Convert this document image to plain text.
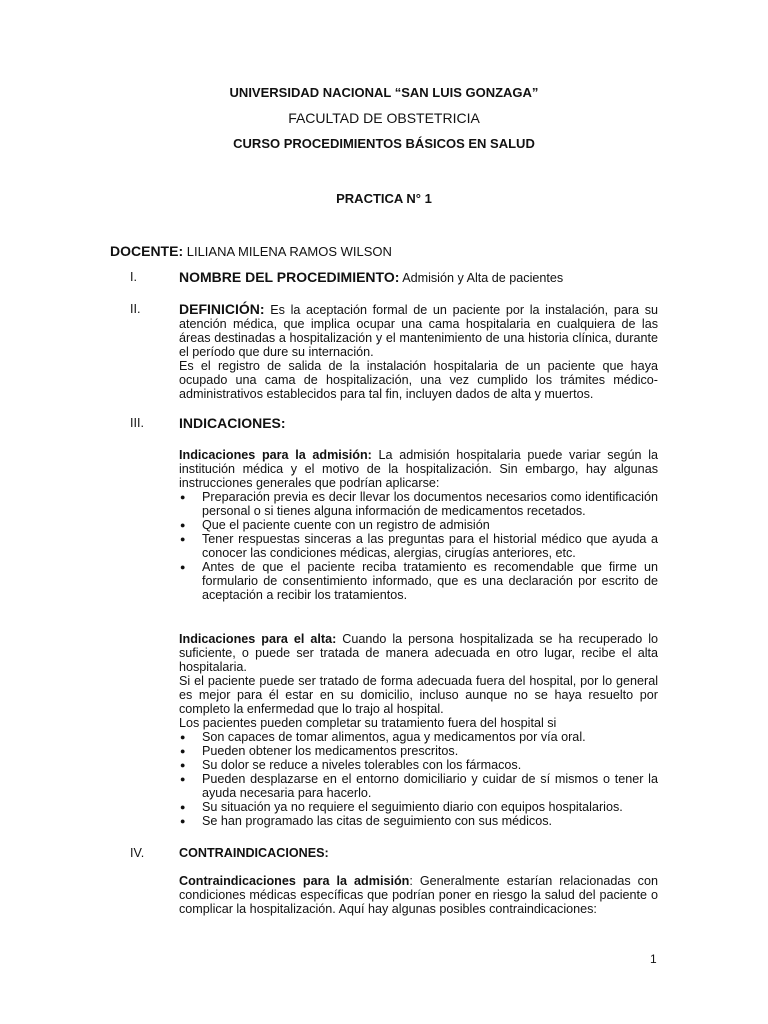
UNIVERSIDAD NACIONAL “SAN LUIS GONZAGA”
FACULTAD DE OBSTETRICIA
CURSO PROCEDIMIENTOS BÁSICOS EN SALUD
PRACTICA N° 1
DOCENTE: LILIANA MILENA RAMOS WILSON
I.	NOMBRE DEL PROCEDIMIENTO: Admisión y Alta de pacientes
II.	DEFINICIÓN: Es la aceptación formal de un paciente por la instalación, para su atención médica, que implica ocupar una cama hospitalaria en cualquiera de las áreas destinadas a hospitalización y el mantenimiento de una historia clínica, durante el período que dure su internación.

Es el registro de salida de la instalación hospitalaria de un paciente que haya ocupado una cama de hospitalización, una vez cumplido los trámites médico-administrativos establecidos para tal fin, incluyen dados de alta y muertos.

III.	INDICACIONES:

Indicaciones para la admisión: La admisión hospitalaria puede variar según la institución médica y el motivo de la hospitalización. Sin embargo, hay algunas instrucciones generales que podrían aplicarse:

● Preparación previa es decir llevar los documentos necesarios como identificación personal o si tienes alguna información de medicamentos recetados.
● Que el paciente cuente con un registro de admisión
● Tener respuestas sinceras a las preguntas para el historial médico que ayuda a conocer las condiciones médicas, alergias, cirugías anteriores, etc.
● Antes de que el paciente reciba tratamiento es recomendable que firme un formulario de consentimiento informado, que es una declaración por escrito de aceptación a recibir los tratamientos.

Indicaciones para el alta: Cuando la persona hospitalizada se ha recuperado lo suficiente, o puede ser tratada de manera adecuada en otro lugar, recibe el alta hospitalaria.

Si el paciente puede ser tratado de forma adecuada fuera del hospital, por lo general es mejor para él estar en su domicilio, incluso aunque no se haya resuelto por completo la enfermedad que lo trajo al hospital.

Los pacientes pueden completar su tratamiento fuera del hospital si

● Son capaces de tomar alimentos, agua y medicamentos por vía oral.
● Pueden obtener los medicamentos prescritos.
● Su dolor se reduce a niveles tolerables con los fármacos.
● Pueden desplazarse en el entorno domiciliario y cuidar de sí mismos o tener la ayuda necesaria para hacerlo.
● Su situación ya no requiere el seguimiento diario con equipos hospitalarios.
● Se han programado las citas de seguimiento con sus médicos.
IV.	CONTRAINDICACIONES:

Contraindicaciones para la admisión: Generalmente estarían relacionadas con condiciones médicas específicas que podrían poner en riesgo la salud del paciente o complicar la hospitalización. Aquí hay algunas posibles contraindicaciones:

1
